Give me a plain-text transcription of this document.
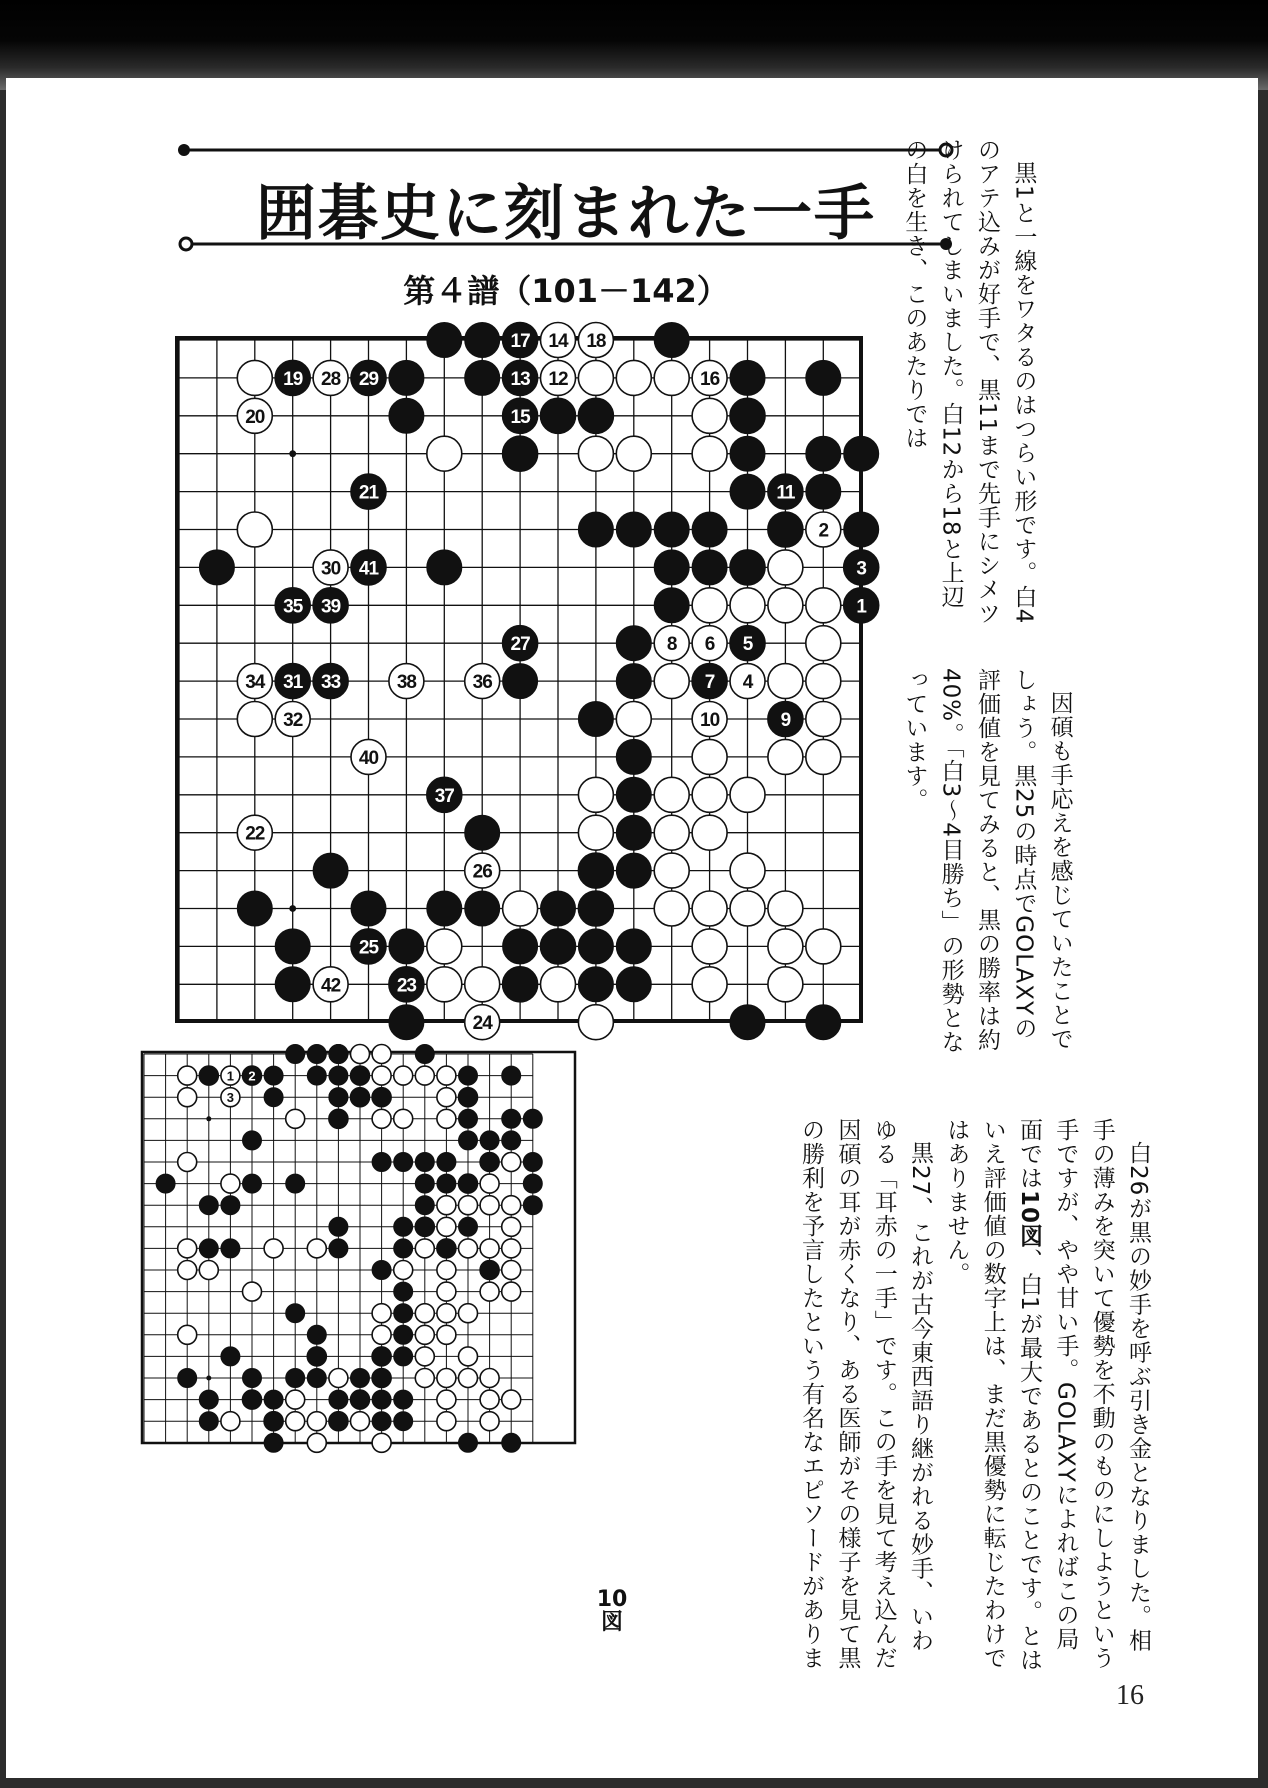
囲碁史に刻まれた一手
第４譜（101－142）
1
2
3
4
5
6
7
8
9
10
11
12
13
14
15
16
17	18
19
20
21
22
23
24
25
26
27
28 29
30
31
32
33
34
35
36
37
38
39
40
41
42
1 2
3
10図

黒1と一線をワタるのはつらい形です。白4のアテ込みが好手で、黒11まで先手にシメツけられてしまいました。白12から18と上辺の白を生き、このあたりでは

因碩も手応えを感じていたことでしょう。黒25の時点でGOLAXYの評価値を見てみると、黒の勝率は約40%。「白3～4目勝ち」の形勢となっています。

白26が黒の妙手を呼ぶ引き金となりました。相手の薄みを突いて優勢を不動のものにしようという手ですが、やや甘い手。GOLAXYによればこの局面では10図、白1が最大であるとのことです。とはいえ評価値の数字上は、まだ黒優勢に転じたわけではありません。

黒27、これが古今東西語り継がれる妙手、いわゆる「耳赤の一手」です。この手を見て考え込んだ因碩の耳が赤くなり、ある医師がその様子を見て黒の勝利を予言したという有名なエピソードがありま

16
